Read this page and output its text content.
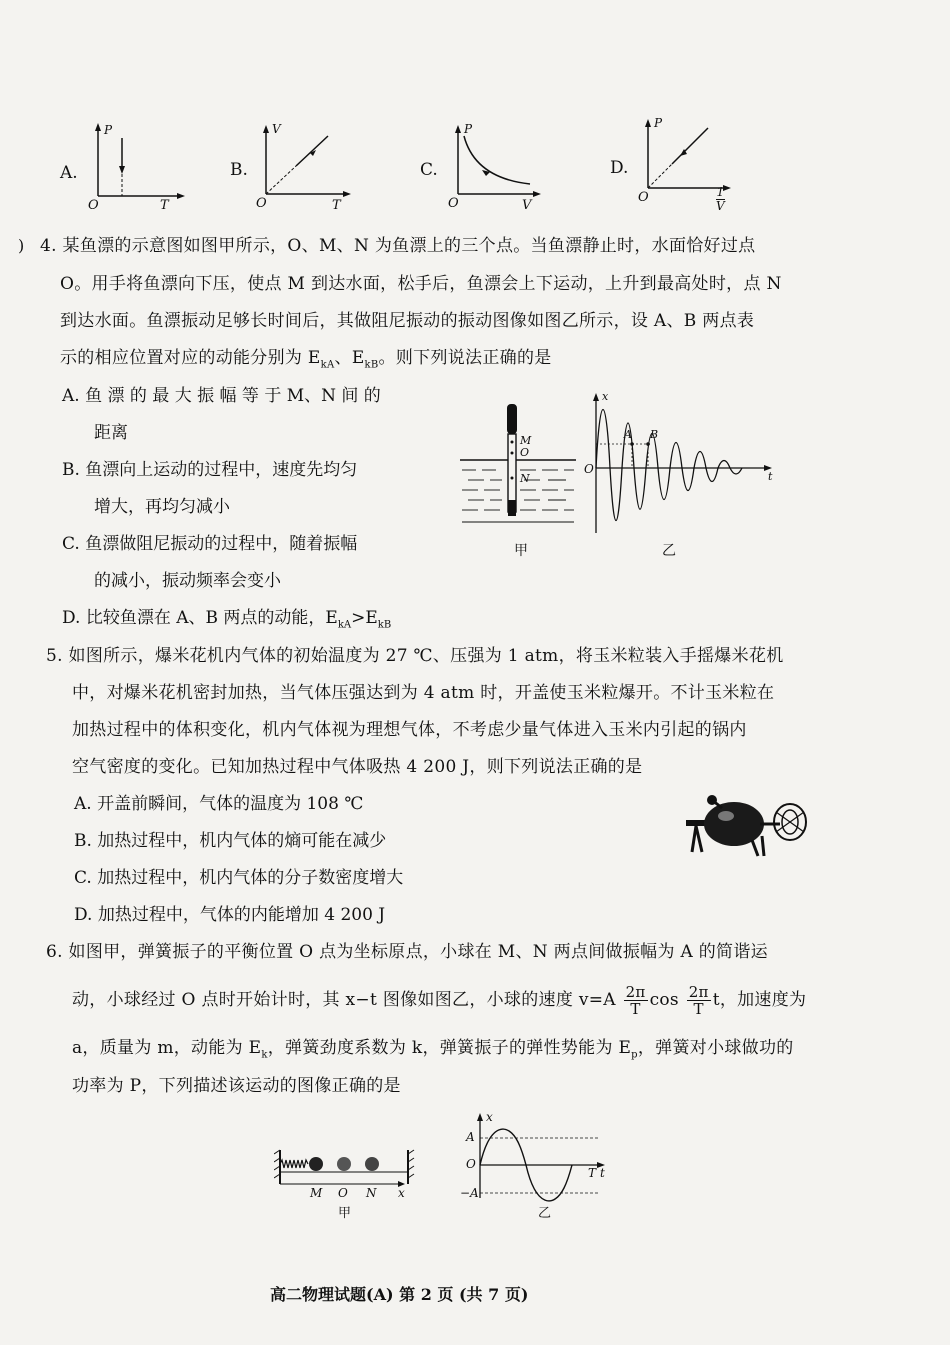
A.
P
T
O
B.
V
T
O
C.
P
V
O
D.
P
O	$\frac{1}{V}$
) 4. 某鱼漂的示意图如图甲所示，O、M、N 为鱼漂上的三个点。当鱼漂静止时，水面恰好过点
O。用手将鱼漂向下压，使点 M 到达水面，松手后，鱼漂会上下运动，上升到最高处时，点 N
到达水面。鱼漂振动足够长时间后，其做阻尼振动的振动图像如图乙所示，设 A、B 两点表
示的相应位置对应的动能分别为 $E_{kA}$、$E_{kB}$。则下列说法正确的是
A. 鱼 漂 的 最 大 振 幅 等 于 M、N 间 的
距离
B. 鱼漂向上运动的过程中，速度先均匀
增大，再均匀减小
C. 鱼漂做阻尼振动的过程中，随着振幅
的减小，振动频率会变小
D. 比较鱼漂在 A、B 两点的动能，$E_{kA}>E_{kB}$
M
O
N
甲
x
t
O
A B
乙
5. 如图所示，爆米花机内气体的初始温度为 27 ℃、压强为 1 atm，将玉米粒装入手摇爆米花机
中，对爆米花机密封加热，当气体压强达到为 4 atm 时，开盖使玉米粒爆开。不计玉米粒在
加热过程中的体积变化，机内气体视为理想气体，不考虑少量气体进入玉米内引起的锅内
空气密度的变化。已知加热过程中气体吸热 4 200 J，则下列说法正确的是
A. 开盖前瞬间，气体的温度为 108 ℃
B. 加热过程中，机内气体的熵可能在减少
C. 加热过程中，机内气体的分子数密度增大
D. 加热过程中，气体的内能增加 4 200 J
6. 如图甲，弹簧振子的平衡位置 O 点为坐标原点，小球在 M、N 两点间做振幅为 A 的简谐运
动，小球经过 O 点时开始计时，其 x−t 图像如图乙，小球的速度 $v=A \frac{2\pi}{T}$ $\cos \frac{2\pi}{T}$ t，加速度为
a，质量为 m，动能为 $E_k$，弹簧劲度系数为 k，弹簧振子的弹性势能为 $E_p$，弹簧对小球做功的
功率为 P，下列描述该运动的图像正确的是
M O N x
甲
x
A
O
−A
T t
乙
高二物理试题(A) 第 2 页 (共 7 页)
